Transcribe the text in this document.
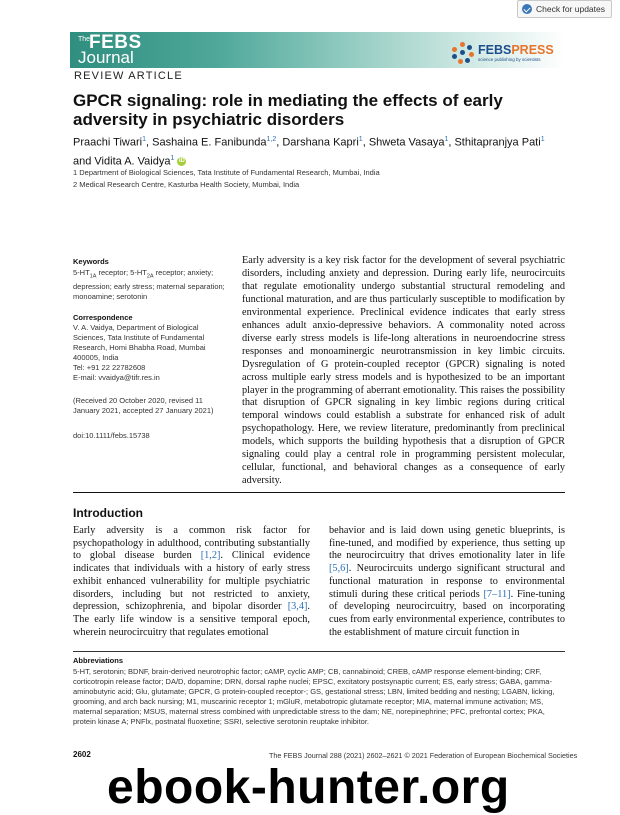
Check for updates
The
FEBS
Journal	FEBSPRESS
science publishing by scientists
REVIEW ARTICLE
GPCR signaling: role in mediating the effects of early adversity in psychiatric disorders
Praachi Tiwari$^1$, Sashaina E. Fanibunda$^{1,2}$, Darshana Kapri$^1$, Shweta Vasaya$^1$, Sthitapranjya Pati$^1$
and Vidita A. Vaidya$^1$ iD
1 Department of Biological Sciences, Tata Institute of Fundamental Research, Mumbai, India
2 Medical Research Centre, Kasturba Health Society, Mumbai, India
Keywords
$5-HT_{1A}$ receptor; $5-HT_{2A}$ receptor; anxiety; depression; early stress; maternal separation; monoamine; serotonin
Correspondence
V. A. Vaidya, Department of Biological
Sciences, Tata Institute of Fundamental
Research, Homi Bhabha Road, Mumbai
400005, India
Tel: +91 22 22782608
E-mail: vvaidya@tifr.res.in
(Received 20 October 2020, revised 11
January 2021, accepted 27 January 2021)
doi:10.1111/febs.15738
Early adversity is a key risk factor for the development of several psychiatric disorders, including anxiety and depression. During early life, neurocircuits that regulate emotionality undergo substantial structural remodeling and functional maturation, and are thus particularly susceptible to modification by environmental experience. Preclinical evidence indicates that early stress enhances adult anxio-depressive behaviors. A commonality noted across diverse early stress models is life-long alterations in neuroendocrine stress responses and monoaminergic neurotransmission in key limbic circuits. Dysregulation of G protein-coupled receptor (GPCR) signaling is noted across multiple early stress models and is hypothesized to be an important player in the programming of aberrant emotionality. This raises the possibility that disruption of GPCR signaling in key limbic regions during critical temporal windows could establish a substrate for enhanced risk of adult psychopathology. Here, we review literature, predominantly from preclinical models, which supports the building hypothesis that a disruption of GPCR signaling could play a central role in programming persistent molecular, cellular, functional, and behavioral changes as a consequence of early adversity.
Introduction
Early adversity is a common risk factor for psychopathology in adulthood, contributing substantially to global disease burden [1,2]. Clinical evidence indicates that individuals with a history of early stress exhibit enhanced vulnerability for multiple psychiatric disorders, including but not restricted to anxiety, depression, schizophrenia, and bipolar disorder [3,4]. The early life window is a sensitive temporal epoch, wherein neurocircuitry that regulates emotional
behavior and is laid down using genetic blueprints, is fine-tuned, and modified by experience, thus setting up the neurocircuitry that drives emotionality later in life [5,6]. Neurocircuits undergo significant structural and functional maturation in response to environmental stimuli during these critical periods [7–11]. Fine-tuning of developing neurocircuitry, based on incorporating cues from early environmental experience, contributes to the establishment of mature circuit function in
Abbreviations
5-HT, serotonin; BDNF, brain-derived neurotrophic factor; cAMP, cyclic AMP; CB, cannabinoid; CREB, cAMP response element-binding; CRF, corticotropin release factor; DA/D, dopamine; DRN, dorsal raphe nuclei; EPSC, excitatory postsynaptic current; ES, early stress; GABA, gamma-aminobutyric acid; Glu, glutamate; GPCR, G protein-coupled receptor-; GS, gestational stress; LBN, limited bedding and nesting; LGABN, licking, grooming, and arch back nursing; M1, muscarinic receptor 1; mGluR, metabotropic glutamate receptor; MIA, maternal immune activation; MS, maternal separation; MSUS, maternal stress combined with unpredictable stress to the dam; NE, norepinephrine; PFC, prefrontal cortex; PKA, protein kinase A; PNFlx, postnatal fluoxetine; SSRI, selective serotonin reuptake inhibitor.
2602	The FEBS Journal 288 (2021) 2602–2621 © 2021 Federation of European Biochemical Societies
ebook-hunter.org
